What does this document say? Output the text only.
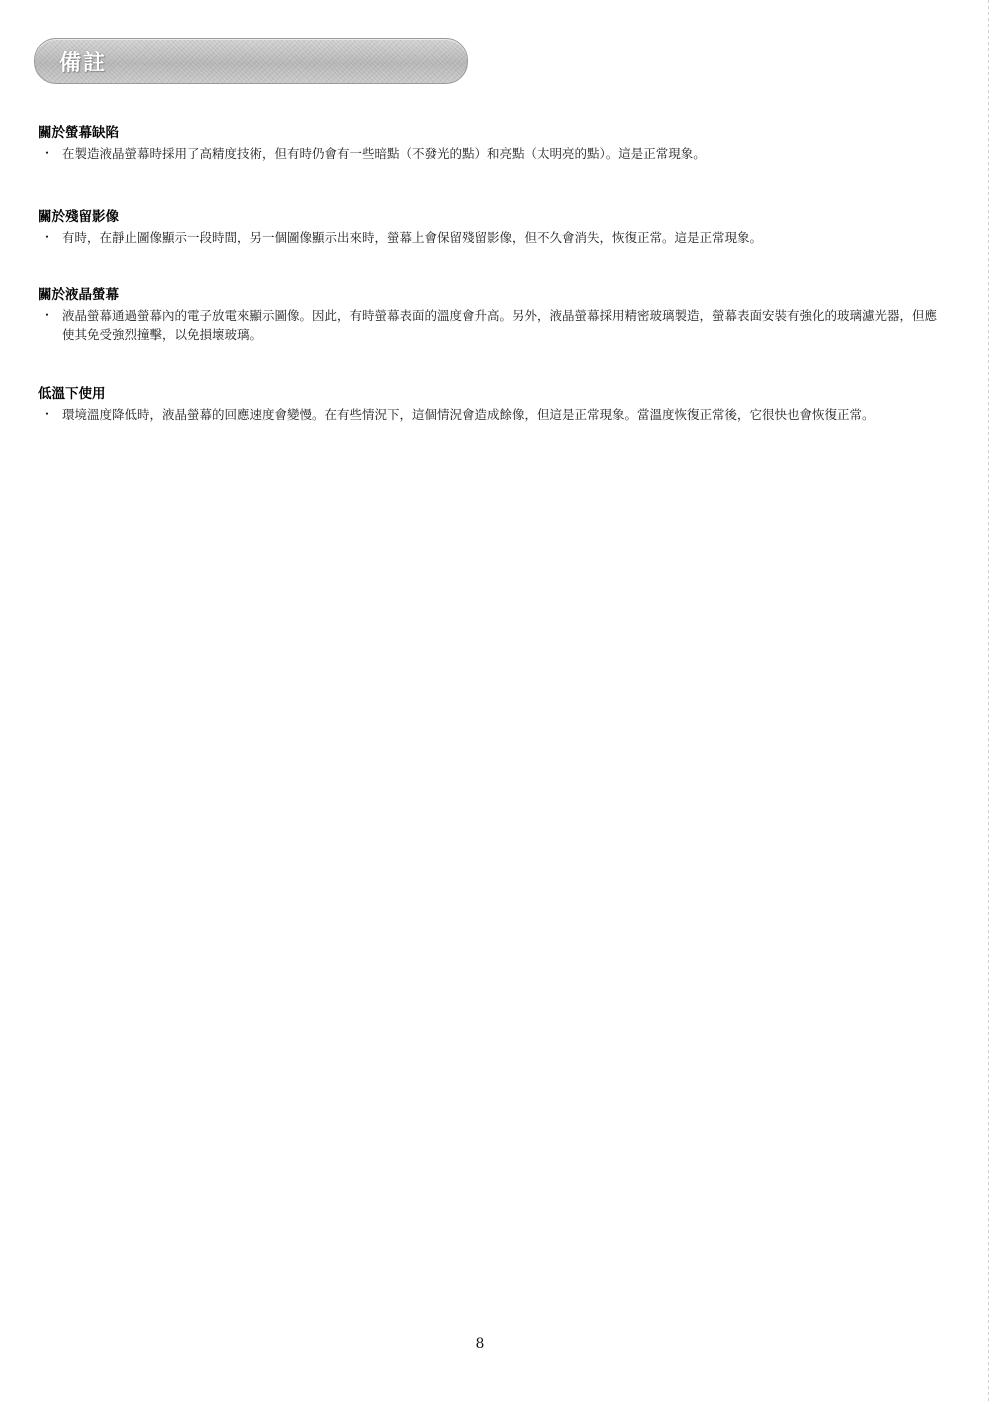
備註
關於螢幕缺陷
・ 在製造液晶螢幕時採用了高精度技術，但有時仍會有一些暗點（不發光的點）和亮點（太明亮的點）。這是正常現象。
關於殘留影像
・ 有時，在靜止圖像顯示一段時間，另一個圖像顯示出來時，螢幕上會保留殘留影像，但不久會消失，恢復正常。這是正常現象。
關於液晶螢幕
・ 液晶螢幕通過螢幕內的電子放電來顯示圖像。因此，有時螢幕表面的溫度會升高。另外，液晶螢幕採用精密玻璃製造，螢幕表面安裝有強化的玻璃濾光器，但應使其免受強烈撞擊，以免損壞玻璃。
低溫下使用
・ 環境溫度降低時，液晶螢幕的回應速度會變慢。在有些情況下，這個情況會造成餘像，但這是正常現象。當溫度恢復正常後，它很快也會恢復正常。
8
